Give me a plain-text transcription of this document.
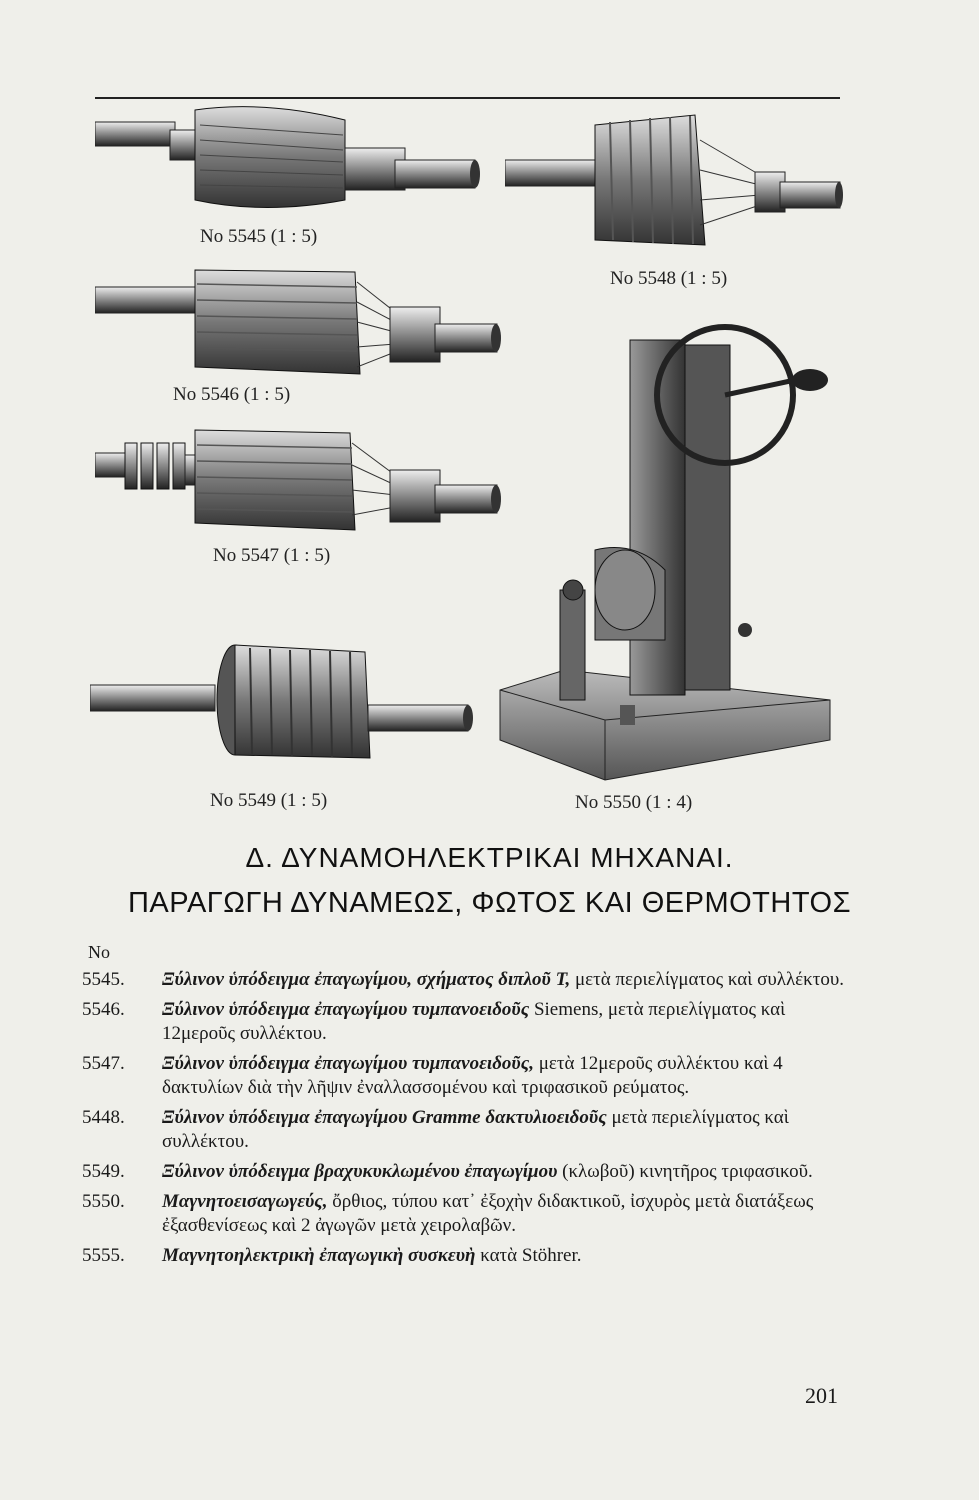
Νο 5545 (1 : 5)
Νο 5548 (1 : 5)
Νο 5546 (1 : 5)
Νο 5547 (1 : 5)
Νο 5549 (1 : 5)	Νο 5550 (1 : 4)
Δ. ΔΥΝΑΜΟΗΛΕΚΤΡΙΚΑΙ ΜΗΧΑΝΑΙ.
ΠΑΡΑΓΩΓΗ ΔΥΝΑΜΕΩΣ, ΦΩΤΟΣ ΚΑΙ ΘΕΡΜΟΤΗΤΟΣ
Νο
5545.	Ξύλινον ὑπόδειγμα ἐπαγωγίμου, σχήματος διπλοῦ T, μετὰ περιελίγματος καὶ συλλέκτου.
5546.	Ξύλινον ὑπόδειγμα ἐπαγωγίμου τυμπανοειδοῦς Siemens, μετὰ περιελίγματος καὶ 12μεροῦς συλλέκτου.
5547.	Ξύλινον ὑπόδειγμα ἐπαγωγίμου τυμπανοειδοῦς, μετὰ 12μεροῦς συλλέκτου καὶ 4 δακτυλίων διὰ τὴν λῆψιν ἐναλλασσομένου καὶ τριφασικοῦ ρεύματος.
5448.	Ξύλινον ὑπόδειγμα ἐπαγωγίμου Gramme δακτυλιοειδοῦς μετὰ περιελίγματος καὶ συλλέκτου.
5549.	Ξύλινον ὑπόδειγμα βραχυκυκλωμένου ἐπαγωγίμου (κλωβοῦ) κινητῆρος τριφασικοῦ.
5550.	Μαγνητοεισαγωγεύς, ὄρθιος, τύπου κατ᾽ ἐξοχὴν διδακτικοῦ, ἰσχυρὸς μετὰ διατάξεως ἐξασθενίσεως καὶ 2 ἀγωγῶν μετὰ χειρολαβῶν.
5555.	Μαγνητοηλεκτρικὴ ἐπαγωγικὴ συσκευὴ κατὰ Stöhrer.
201
